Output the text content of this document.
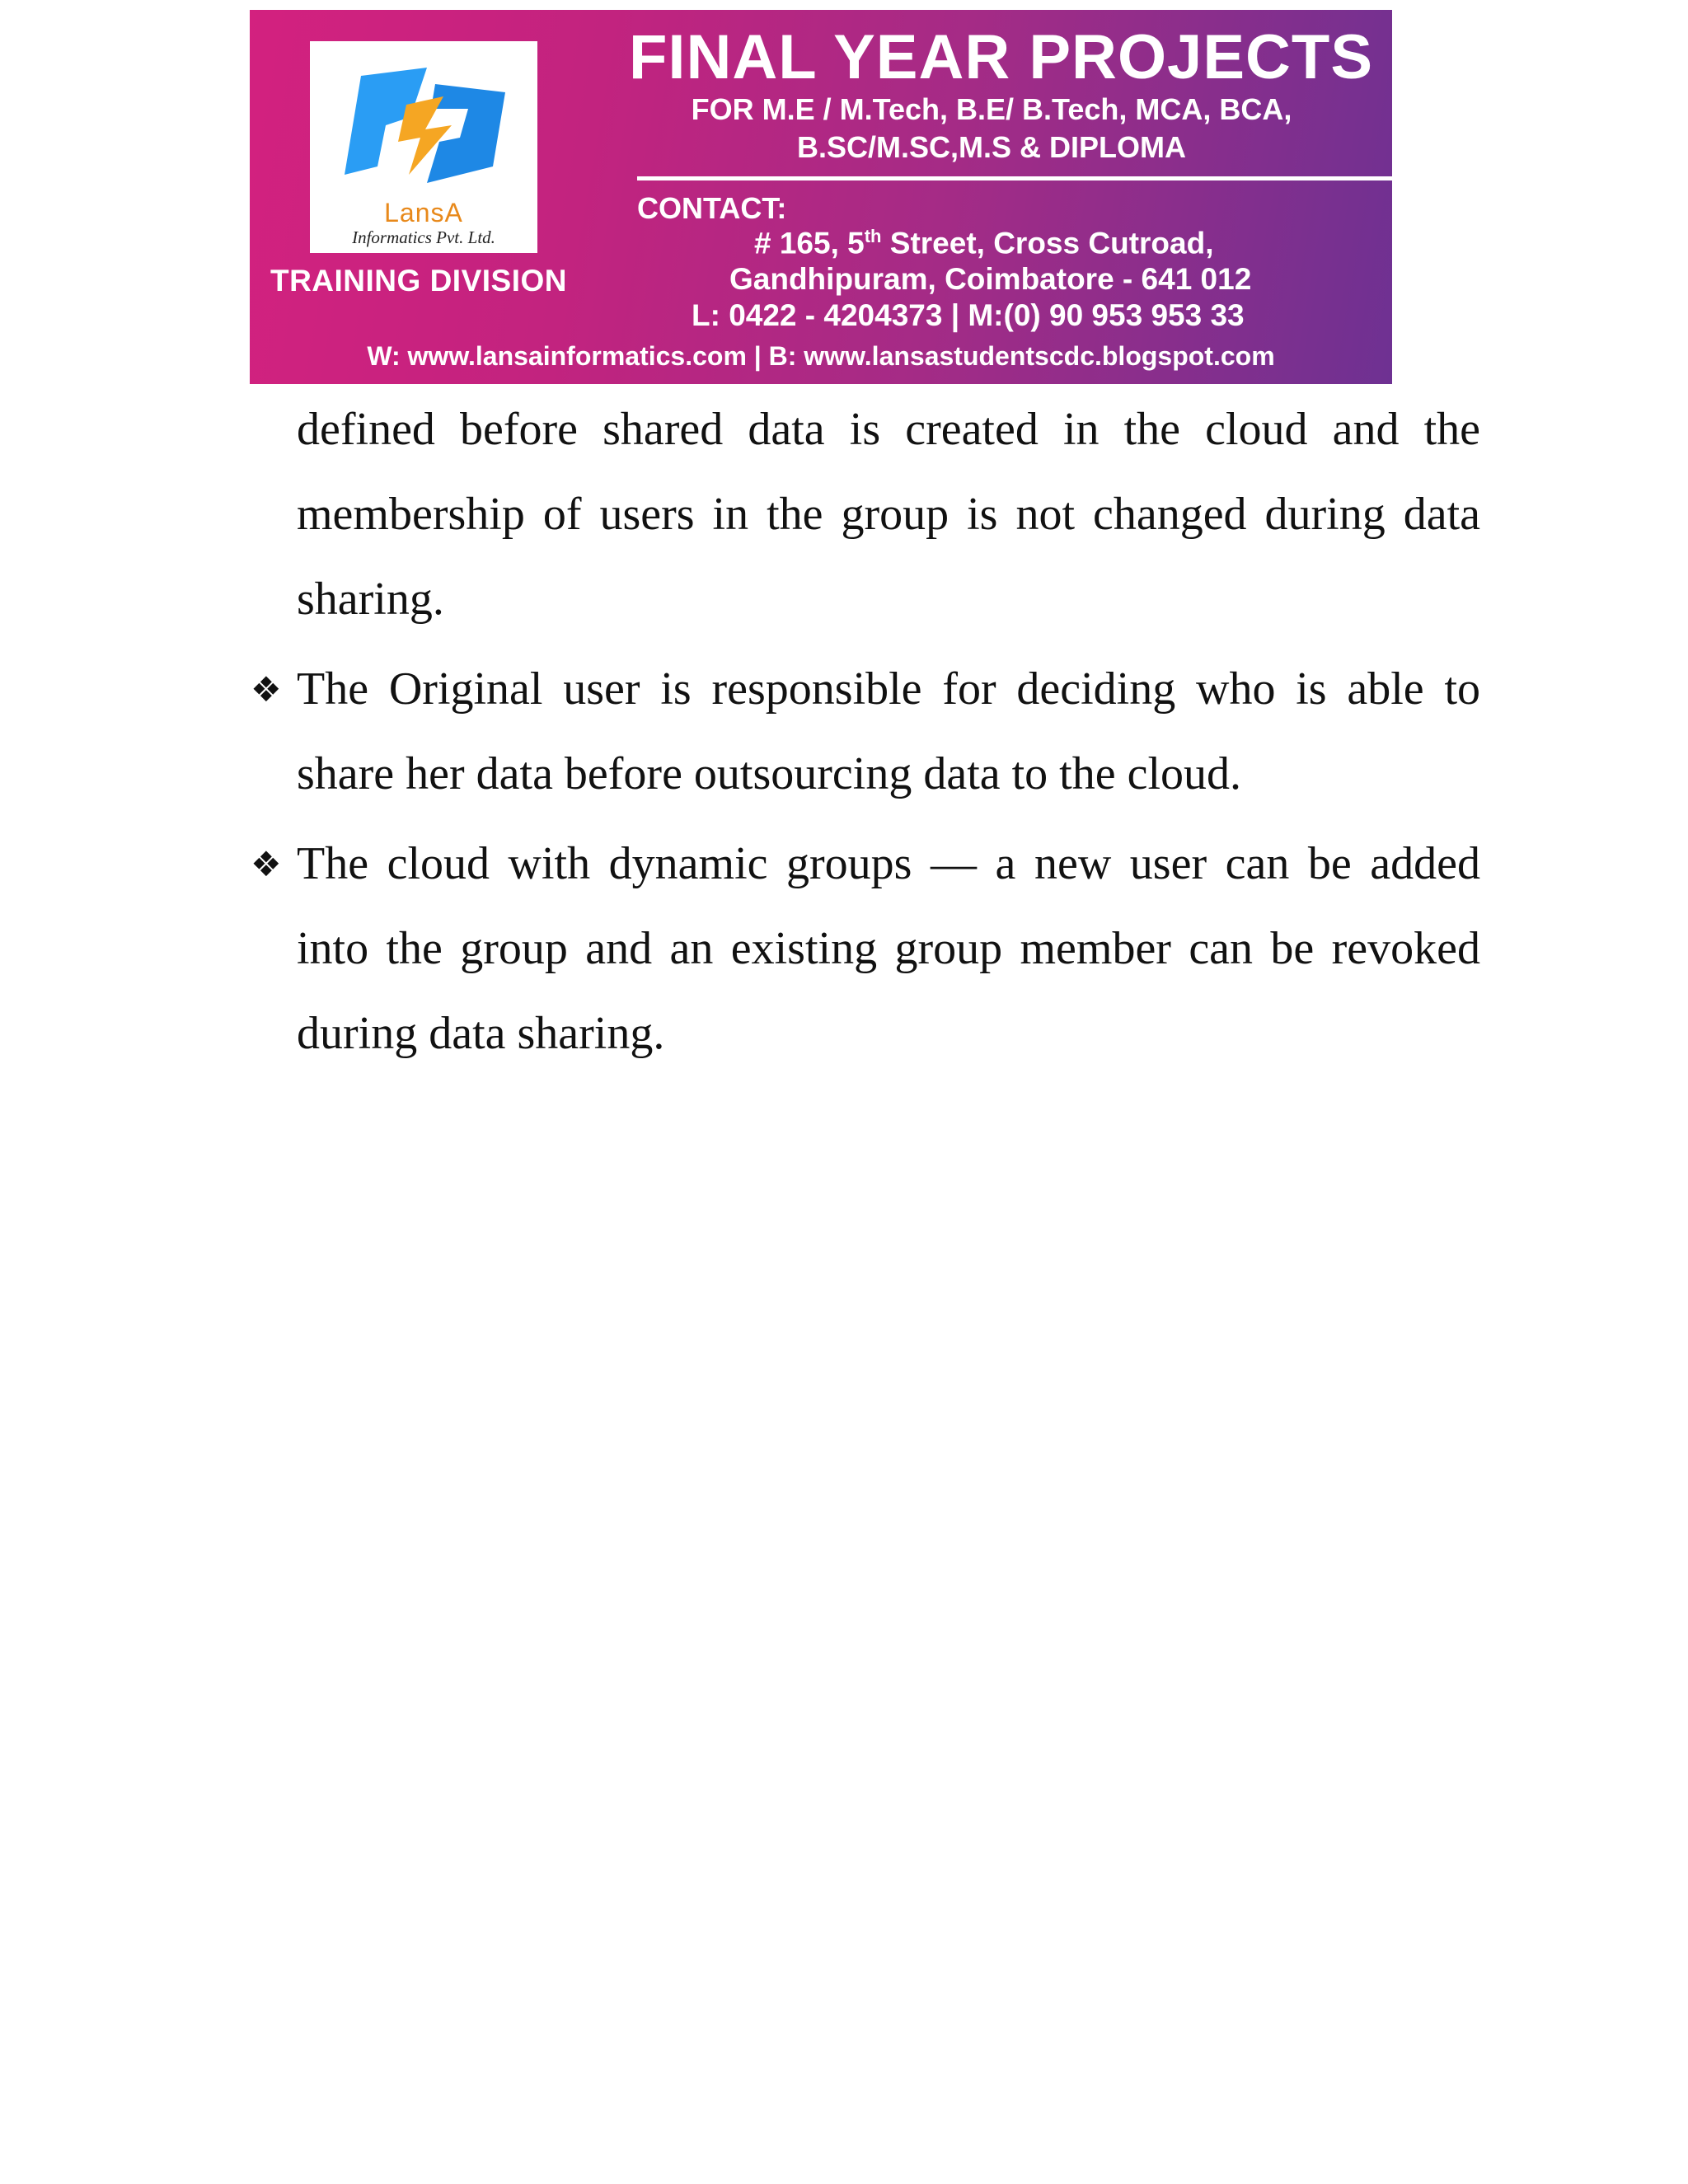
LansA
Informatics Pvt. Ltd.
TRAINING DIVISION
FINAL YEAR PROJECTS
FOR M.E / M.Tech, B.E/ B.Tech, MCA, BCA,
B.SC/M.SC,M.S & DIPLOMA
CONTACT:
# 165, 5th Street, Cross Cutroad,
Gandhipuram, Coimbatore - 641 012
L: 0422 - 4204373 | M:(0) 90 953 953 33
W: www.lansainformatics.com | B: www.lansastudentscdc.blogspot.com
defined before shared data is created in the cloud and the membership of users in the group is not changed during data sharing.
❖ The Original user is responsible for deciding who is able to share her data before outsourcing data to the cloud.
❖ The cloud with dynamic groups — a new user can be added into the group and an existing group member can be revoked during data sharing.
